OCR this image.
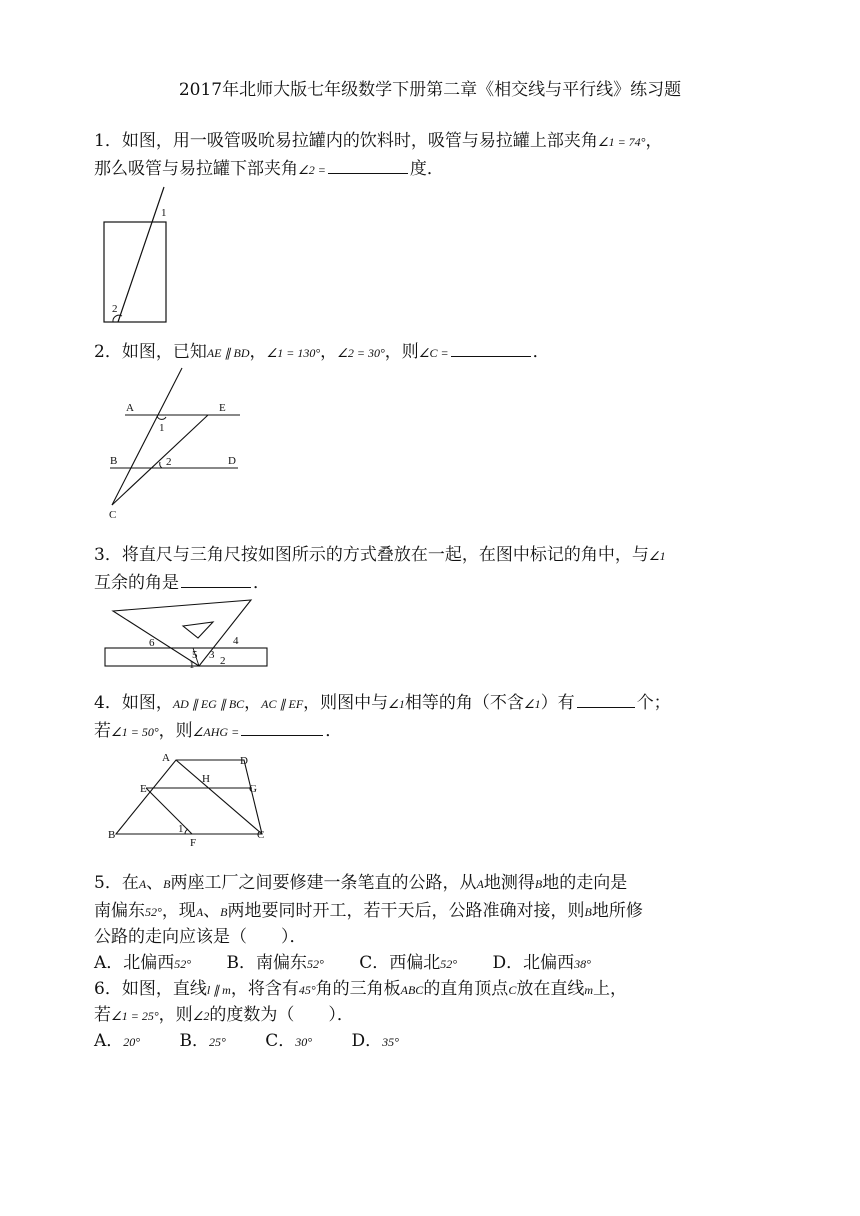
2017年北师大版七年级数学下册第二章《相交线与平行线》练习题
1．如图，用一吸管吸吮易拉罐内的饮料时，吸管与易拉罐上部夹角∠1 = 74°，
那么吸管与易拉罐下部夹角∠2 =	度．
1
2
2．如图，已知AE ∥ BD，∠1 = 130°，∠2 = 30°，则∠C =	．
A	E
1
B	2	D
C
3．将直尺与三角尺按如图所示的方式叠放在一起，在图中标记的角中，与∠1
互余的角是	．
6
5 3
4
1 2
4．如图，AD ∥ EG ∥ BC，AC ∥ EF，则图中与∠1相等的角（不含∠1）有	个；
若∠1 = 50°，则∠AHG =	．
A	D
H
E	G
B	1
F
C
5．在A、B两座工厂之间要修建一条笔直的公路，从A地测得B地的走向是
南偏东52°，现A、B两地要同时开工，若干天后，公路准确对接，则B地所修
公路的走向应该是（　　）．
A．北偏西52° B．南偏东52° C．西偏北52° D．北偏西38°
6．如图，直线l ∥ m，将含有45°角的三角板ABC的直角顶点C放在直线m上，
若∠1 = 25°，则∠2的度数为（　　）．
A．20° B．25° C．30° D．35°
